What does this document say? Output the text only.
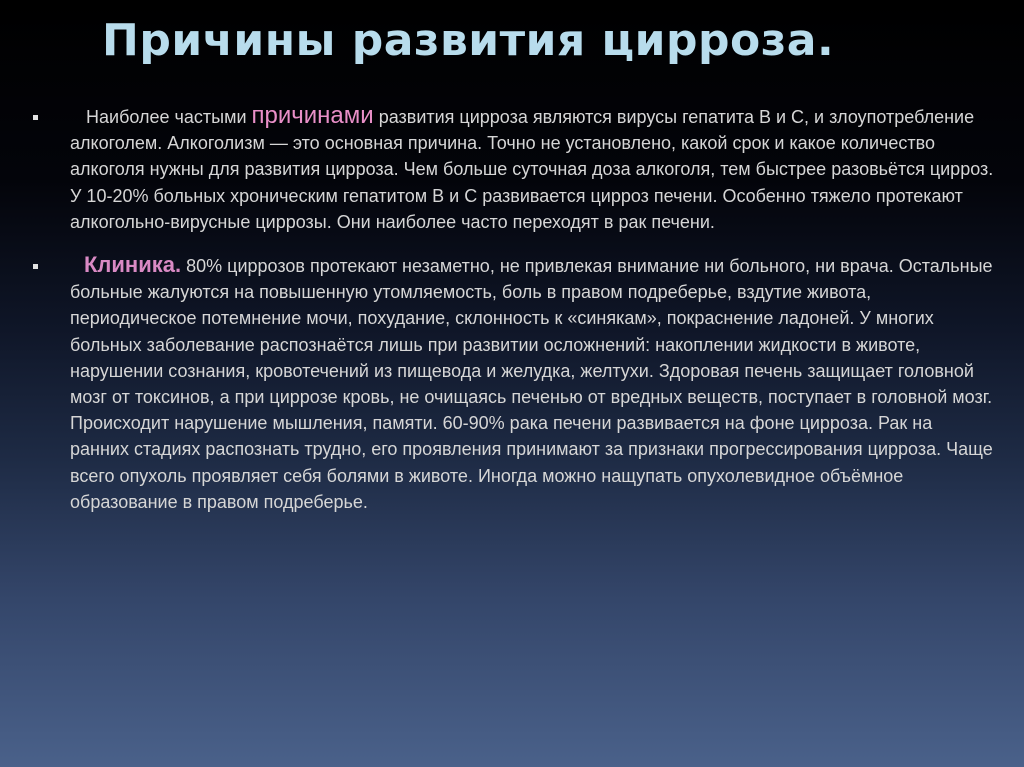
Причины развития цирроза.

Наиболее частыми причинами развития цирроза являются вирусы гепатита В и С, и злоупотребление алкоголем. Алкоголизм — это основная причина. Точно не установлено, какой срок и какое количество алкоголя нужны для развития цирроза. Чем больше суточная доза алкоголя, тем быстрее разовьётся цирроз. У 10-20% больных хроническим гепатитом В и С развивается цирроз печени. Особенно тяжело протекают алкогольно-вирусные циррозы. Они наиболее часто переходят в рак печени.

Клиника. 80% циррозов протекают незаметно, не привлекая внимание ни больного, ни врача. Остальные больные жалуются на повышенную утомляемость, боль в правом подреберье, вздутие живота, периодическое потемнение мочи, похудание, склонность к «синякам», покраснение ладоней. У многих больных заболевание распознаётся лишь при развитии осложнений: накоплении жидкости в животе, нарушении сознания, кровотечений из пищевода и желудка, желтухи. Здоровая печень защищает головной мозг от токсинов, а при циррозе кровь, не очищаясь печенью от вредных веществ, поступает в головной мозг. Происходит нарушение мышления, памяти. 60-90% рака печени развивается на фоне цирроза. Рак на ранних стадиях распознать трудно, его проявления принимают за признаки прогрессирования цирроза. Чаще всего опухоль проявляет себя болями в животе. Иногда можно нащупать опухолевидное объёмное образование в правом подреберье.
